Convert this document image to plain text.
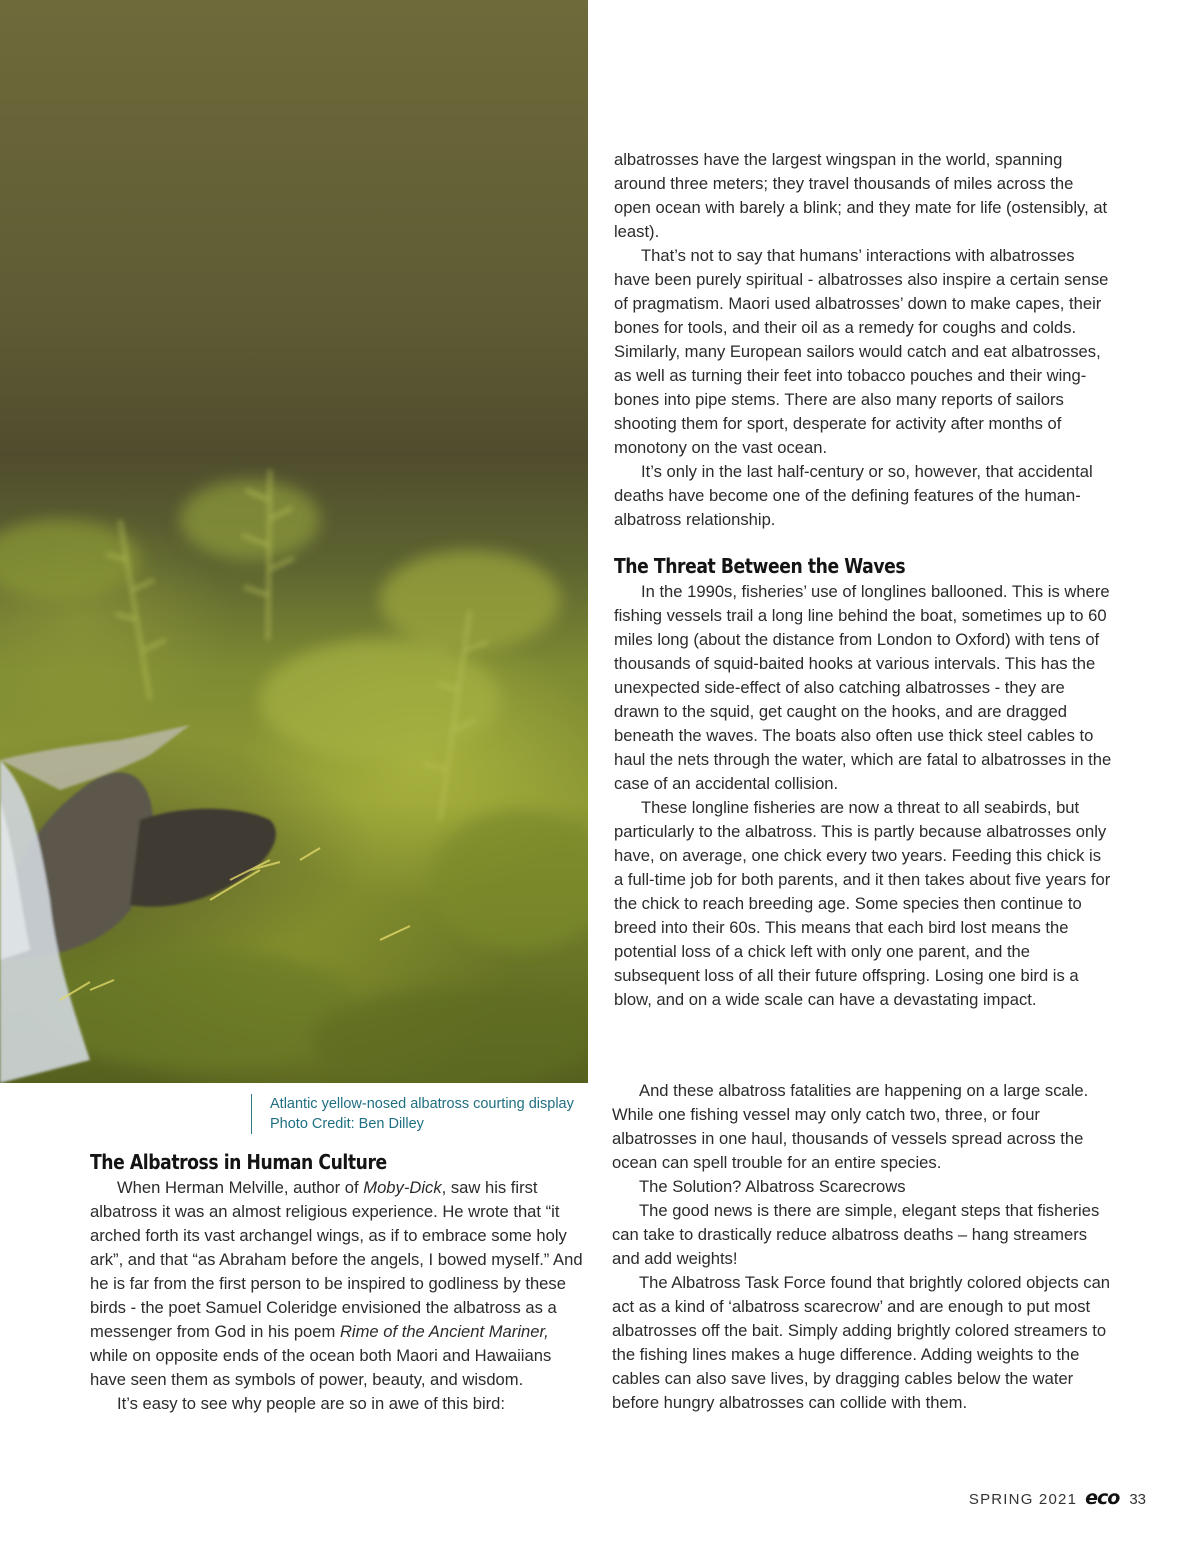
Atlantic yellow-nosed albatross courting display Photo Credit: Ben Dilley
The Albatross in Human Culture

When Herman Melville, author of Moby-Dick, saw his first albatross it was an almost religious experience. He wrote that “it arched forth its vast archangel wings, as if to embrace some holy ark”, and that “as Abraham before the angels, I bowed myself.” And he is far from the first person to be inspired to godliness by these birds - the poet Samuel Coleridge envisioned the albatross as a messenger from God in his poem Rime of the Ancient Mariner, while on opposite ends of the ocean both Maori and Hawaiians have seen them as symbols of power, beauty, and wisdom.

It’s easy to see why people are so in awe of this bird:

albatrosses have the largest wingspan in the world, spanning around three meters; they travel thousands of miles across the open ocean with barely a blink; and they mate for life (ostensibly, at least).

That’s not to say that humans’ interactions with albatrosses have been purely spiritual - albatrosses also inspire a certain sense of pragmatism. Maori used albatrosses’ down to make capes, their bones for tools, and their oil as a remedy for coughs and colds. Similarly, many European sailors would catch and eat albatrosses, as well as turning their feet into tobacco pouches and their wing-bones into pipe stems. There are also many reports of sailors shooting them for sport, desperate for activity after months of monotony on the vast ocean.

It’s only in the last half-century or so, however, that accidental deaths have become one of the defining features of the human-albatross relationship.

The Threat Between the Waves

In the 1990s, fisheries’ use of longlines ballooned. This is where fishing vessels trail a long line behind the boat, sometimes up to 60 miles long (about the distance from London to Oxford) with tens of thousands of squid-baited hooks at various intervals. This has the unexpected side-effect of also catching albatrosses - they are drawn to the squid, get caught on the hooks, and are dragged beneath the waves. The boats also often use thick steel cables to haul the nets through the water, which are fatal to albatrosses in the case of an accidental collision.

These longline fisheries are now a threat to all seabirds, but particularly to the albatross. This is partly because albatrosses only have, on average, one chick every two years. Feeding this chick is a full-time job for both parents, and it then takes about five years for the chick to reach breeding age. Some species then continue to breed into their 60s. This means that each bird lost means the potential loss of a chick left with only one parent, and the subsequent loss of all their future offspring. Losing one bird is a blow, and on a wide scale can have a devastating impact.

And these albatross fatalities are happening on a large scale. While one fishing vessel may only catch two, three, or four albatrosses in one haul, thousands of vessels spread across the ocean can spell trouble for an entire species.

The Solution? Albatross Scarecrows

The good news is there are simple, elegant steps that fisheries can take to drastically reduce albatross deaths – hang streamers and add weights!

The Albatross Task Force found that brightly colored objects can act as a kind of ‘albatross scarecrow’ and are enough to put most albatrosses off the bait. Simply adding brightly colored streamers to the fishing lines makes a huge difference. Adding weights to the cables can also save lives, by dragging cables below the water before hungry albatrosses can collide with them.

SPRING 2021 eco 33
